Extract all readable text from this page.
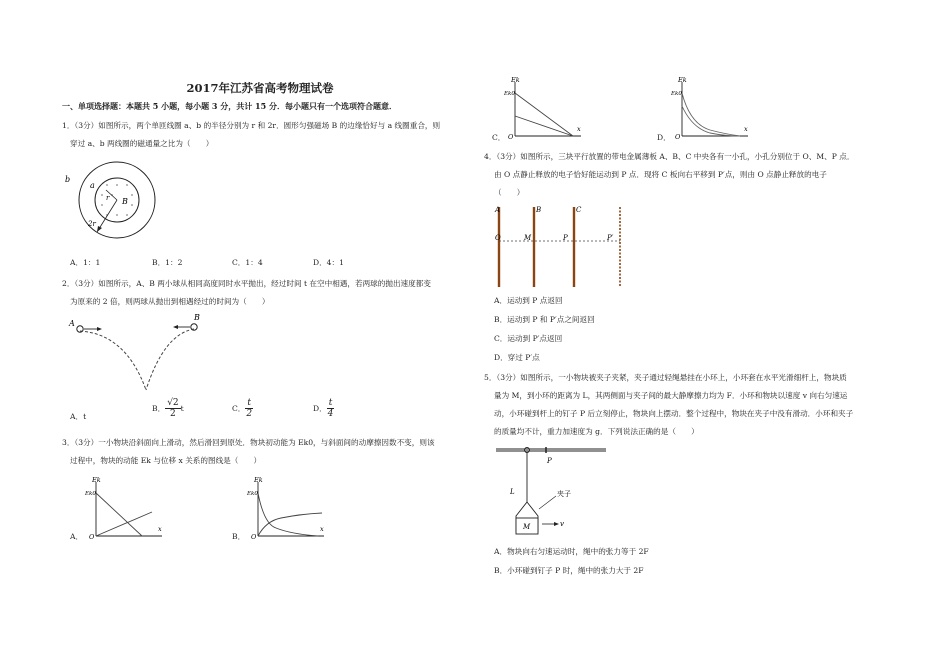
2017年江苏省高考物理试卷
一、单项选择题：本题共 5 小题，每小题 3 分，共计 15 分．每小题只有一个选项符合题意．
1．（3分）如图所示，两个单匝线圈 a、b 的半径分别为 r 和 2r．圆形匀强磁场 B 的边缘恰好与 a 线圈重合，则
穿过 a、b 两线圈的磁通量之比为（　　）
b
a
r B
2r
A．1：1	B．1：2	C．1：4	D．4：1
2．（3分）如图所示，A、B 两小球从相同高度同时水平抛出，经过时间 t 在空中相遇，若两球的抛出速度都变
为原来的 2 倍，则两球从抛出到相遇经过的时间为（　　）
A
B
A．t
B． $\frac{√2}{2}$ t	C． $\frac{t}{2}$	D． $\frac{t}{4}$
3．（3分）一小物块沿斜面向上滑动，然后滑回到原处．物块初动能为 Ek0，与斜面间的动摩擦因数不变，则该
过程中，物块的动能 Ek 与位移 x 关系的图线是（　　）
A．
Ek
Ek0
O
x
B．
Ek
Ek0
O
x
C．
Ek
Ek0
O
x
D．
Ek
Ek0
O
x
4．（3分）如图所示，三块平行放置的带电金属薄板 A、B、C 中央各有一小孔，小孔分别位于 O、M、P 点．
由 O 点静止释放的电子恰好能运动到 P 点．现将 C 板向右平移到 P′点，则由 O 点静止释放的电子
（　　）
A	B	C
O	M	P	P′
A．运动到 P 点返回
B．运动到 P 和 P′点之间返回
C．运动到 P′点返回
D．穿过 P′点
5．（3分）如图所示，一小物块被夹子夹紧，夹子通过轻绳悬挂在小环上，小环套在水平光滑细杆上，物块质
量为 M，到小环的距离为 L，其两侧面与夹子间的最大静摩擦力均为 F．小环和物块以速度 v 向右匀速运
动，小环碰到杆上的钉子 P 后立刻停止，物块向上摆动．整个过程中，物块在夹子中没有滑动．小环和夹子
的质量均不计，重力加速度为 g．下列说法正确的是（　　）
P
L
M
夹子
v
A．物块向右匀速运动时，绳中的张力等于 2F
B．小环碰到钉子 P 时，绳中的张力大于 2F
